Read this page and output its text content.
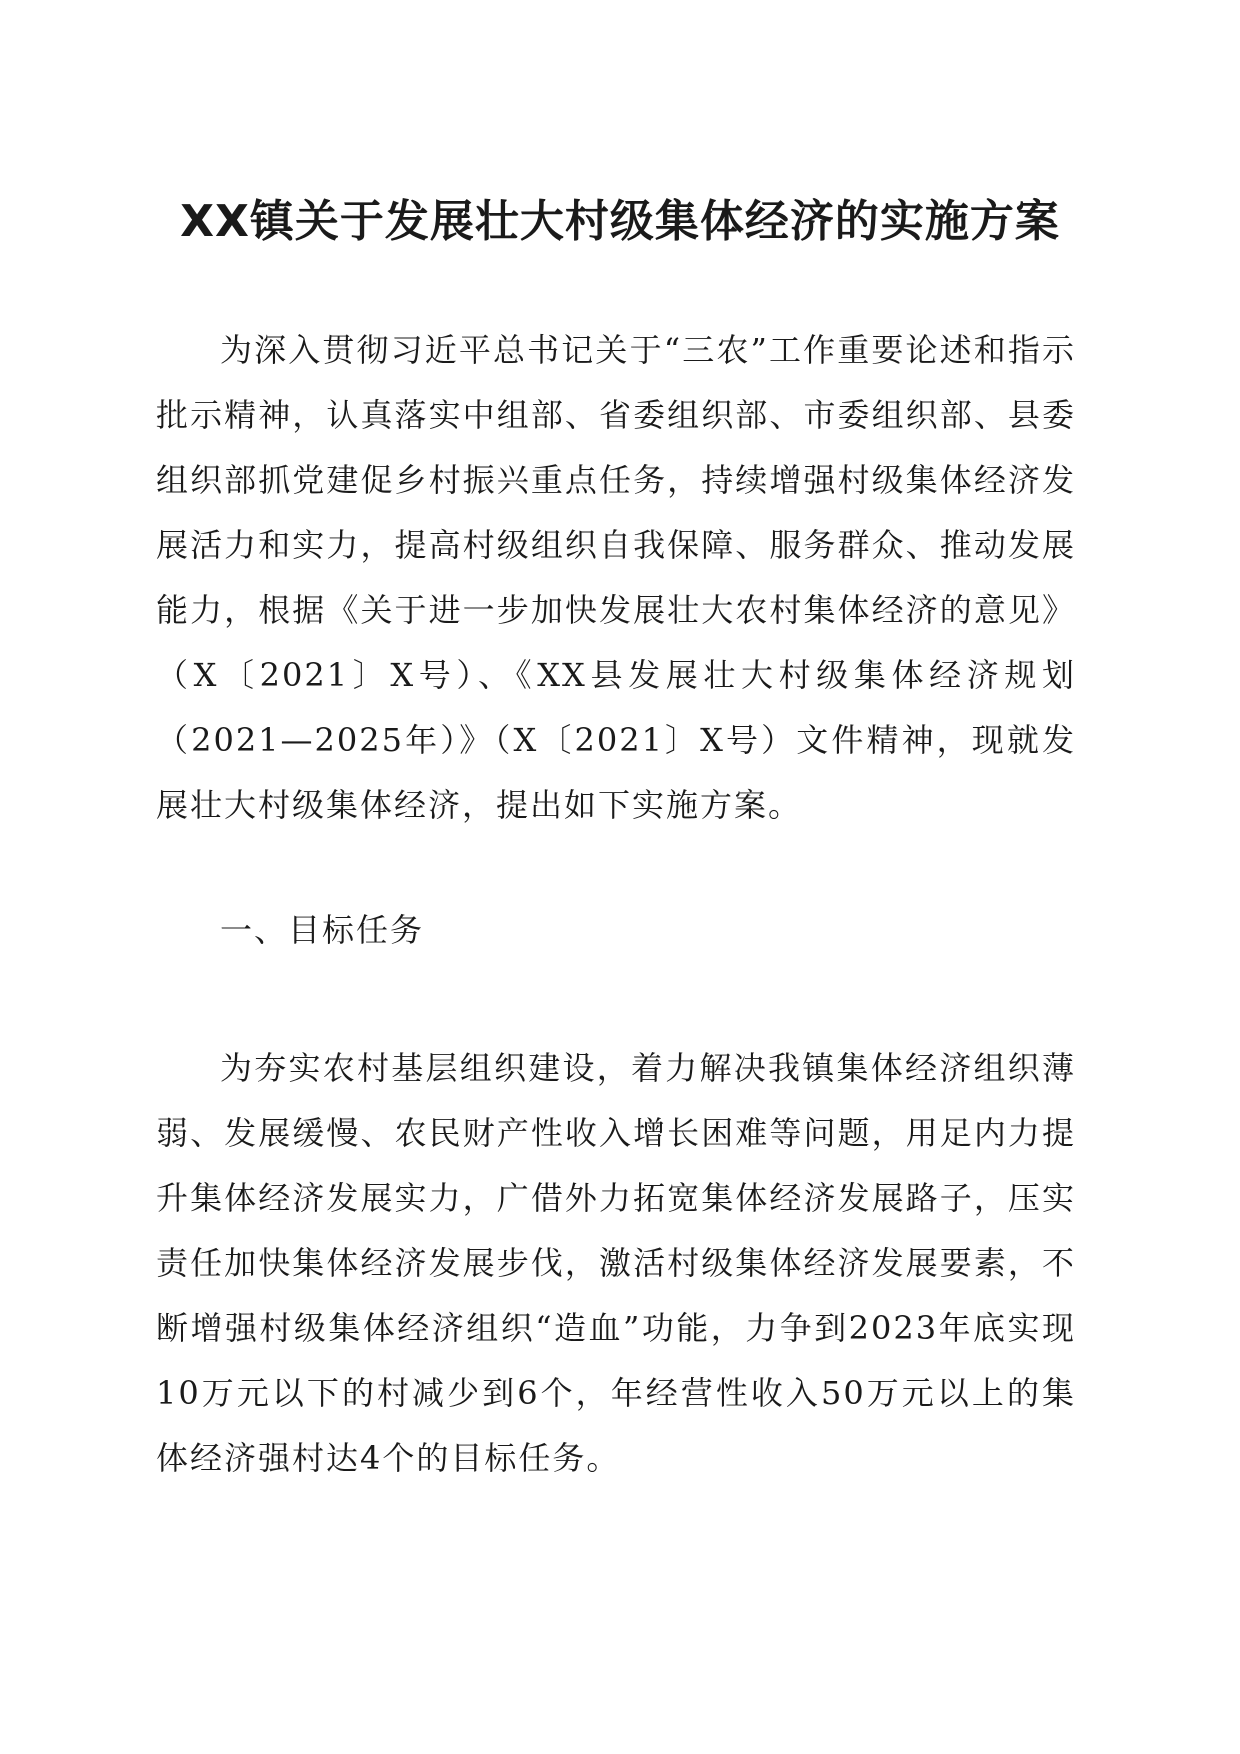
XX镇关于发展壮大村级集体经济的实施方案

为深入贯彻习近平总书记关于“三农”工作重要论述和指示批示精神，认真落实中组部、省委组织部、市委组织部、县委组织部抓党建促乡村振兴重点任务，持续增强村级集体经济发展活力和实力，提高村级组织自我保障、服务群众、推动发展能力，根据《关于进一步加快发展壮大农村集体经济的意见》（X〔2021〕X号）、《XX县发展壮大村级集体经济规划（2021—2025年）》（X〔2021〕X号）文件精神，现就发展壮大村级集体经济，提出如下实施方案。

一、目标任务

为夯实农村基层组织建设，着力解决我镇集体经济组织薄弱、发展缓慢、农民财产性收入增长困难等问题，用足内力提升集体经济发展实力，广借外力拓宽集体经济发展路子，压实责任加快集体经济发展步伐，激活村级集体经济发展要素，不断增强村级集体经济组织“造血”功能，力争到2023年底实现10万元以下的村减少到6个，年经营性收入50万元以上的集体经济强村达4个的目标任务。
